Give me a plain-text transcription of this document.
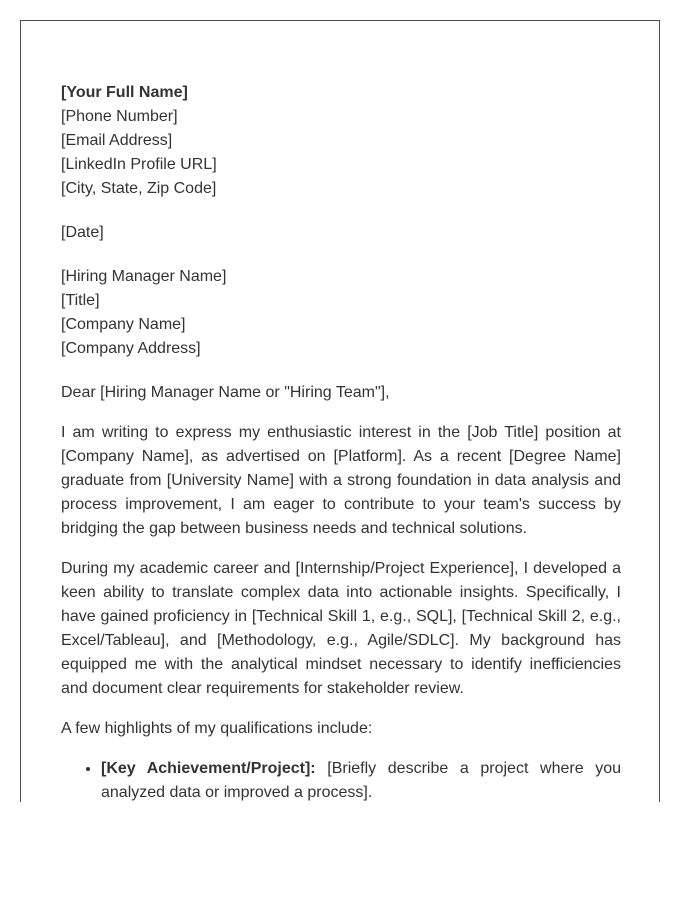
[Your Full Name]
[Phone Number]
[Email Address]
[LinkedIn Profile URL]
[City, State, Zip Code]
[Date]
[Hiring Manager Name]
[Title]
[Company Name]
[Company Address]
Dear [Hiring Manager Name or "Hiring Team"],

I am writing to express my enthusiastic interest in the [Job Title] position at [Company Name], as advertised on [Platform]. As a recent [Degree Name] graduate from [University Name] with a strong foundation in data analysis and process improvement, I am eager to contribute to your team's success by bridging the gap between business needs and technical solutions.

During my academic career and [Internship/Project Experience], I developed a keen ability to translate complex data into actionable insights. Specifically, I have gained proficiency in [Technical Skill 1, e.g., SQL], [Technical Skill 2, e.g., Excel/Tableau], and [Methodology, e.g., Agile/SDLC]. My background has equipped me with the analytical mindset necessary to identify inefficiencies and document clear requirements for stakeholder review.

A few highlights of my qualifications include:

• [Key Achievement/Project]: [Briefly describe a project where you analyzed data or improved a process].
